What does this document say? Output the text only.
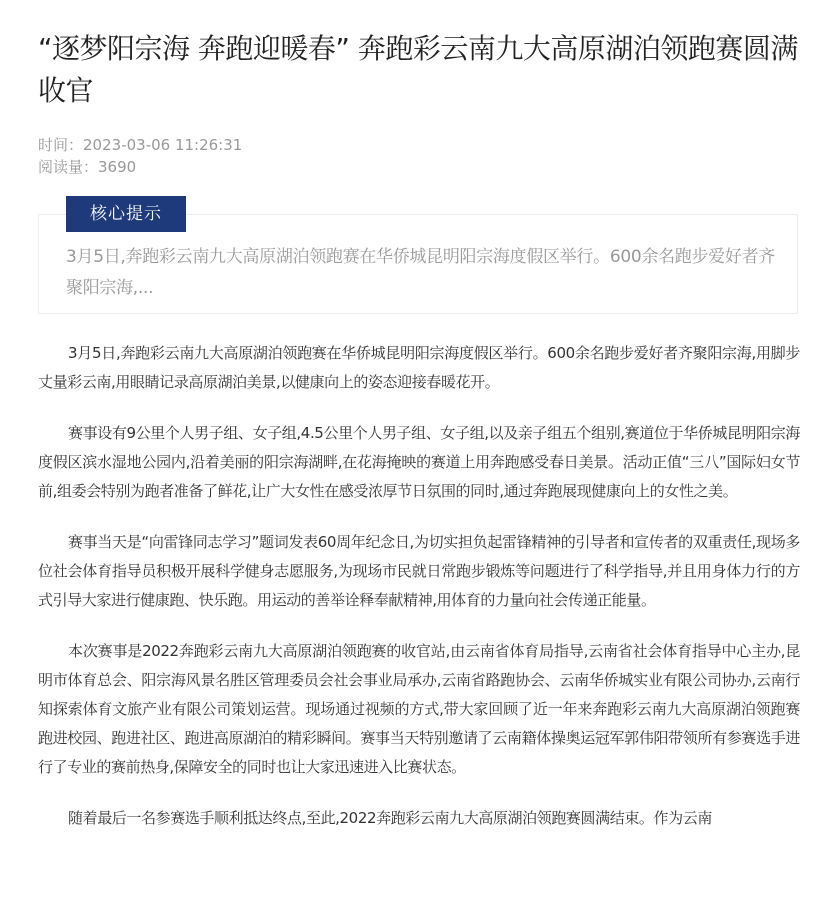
“逐梦阳宗海 奔跑迎暖春” 奔跑彩云南九大高原湖泊领跑赛圆满收官
时间：2023-03-06 11:26:31
阅读量：3690
核心提示

3月5日,奔跑彩云南九大高原湖泊领跑赛在华侨城昆明阳宗海度假区举行。600余名跑步爱好者齐聚阳宗海,...

3月5日,奔跑彩云南九大高原湖泊领跑赛在华侨城昆明阳宗海度假区举行。600余名跑步爱好者齐聚阳宗海,用脚步丈量彩云南,用眼睛记录高原湖泊美景,以健康向上的姿态迎接春暖花开。

赛事设有9公里个人男子组、女子组,4.5公里个人男子组、女子组,以及亲子组五个组别,赛道位于华侨城昆明阳宗海度假区滨水湿地公园内,沿着美丽的阳宗海湖畔,在花海掩映的赛道上用奔跑感受春日美景。活动正值“三八”国际妇女节前,组委会特别为跑者准备了鲜花,让广大女性在感受浓厚节日氛围的同时,通过奔跑展现健康向上的女性之美。

赛事当天是“向雷锋同志学习”题词发表60周年纪念日,为切实担负起雷锋精神的引导者和宣传者的双重责任,现场多位社会体育指导员积极开展科学健身志愿服务,为现场市民就日常跑步锻炼等问题进行了科学指导,并且用身体力行的方式引导大家进行健康跑、快乐跑。用运动的善举诠释奉献精神,用体育的力量向社会传递正能量。

本次赛事是2022奔跑彩云南九大高原湖泊领跑赛的收官站,由云南省体育局指导,云南省社会体育指导中心主办,昆明市体育总会、阳宗海风景名胜区管理委员会社会事业局承办,云南省路跑协会、云南华侨城实业有限公司协办,云南行知探索体育文旅产业有限公司策划运营。现场通过视频的方式,带大家回顾了近一年来奔跑彩云南九大高原湖泊领跑赛跑进校园、跑进社区、跑进高原湖泊的精彩瞬间。赛事当天特别邀请了云南籍体操奥运冠军郭伟阳带领所有参赛选手进行了专业的赛前热身,保障安全的同时也让大家迅速进入比赛状态。

随着最后一名参赛选手顺利抵达终点,至此,2022奔跑彩云南九大高原湖泊领跑赛圆满结束。作为云南
